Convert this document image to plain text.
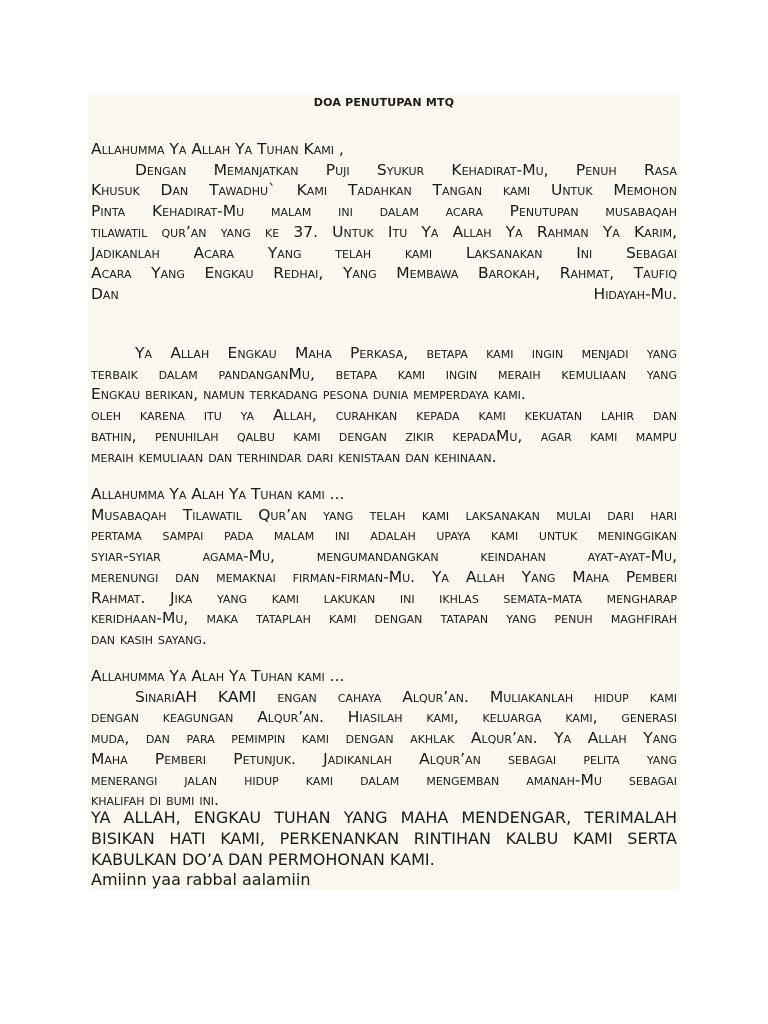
DOA PENUTUPAN MTQ

Allahumma Ya Allah Ya Tuhan Kami ,

Dengan Memanjatkan Puji Syukur Kehadirat-Mu, Penuh Rasa

Khusuk Dan Tawadhu` Kami Tadahkan Tangan kami Untuk Memohon

Pinta Kehadirat-Mu malam ini dalam acara Penutupan musabaqah

tilawatil qur’an yang ke 37. Untuk Itu Ya Allah Ya Rahman Ya Karim,

Jadikanlah Acara Yang telah kami Laksanakan Ini Sebagai

Acara Yang Engkau Redhai, Yang Membawa Barokah, Rahmat, Taufiq

Dan Hidayah-Mu.

Ya Allah Engkau Maha Perkasa, betapa kami ingin menjadi yang

terbaik dalam pandanganMu, betapa kami ingin meraih kemuliaan yang

Engkau berikan, namun terkadang pesona dunia memperdaya kami.

oleh karena itu ya Allah, curahkan kepada kami kekuatan lahir dan

bathin, penuhilah qalbu kami dengan zikir kepadaMu, agar kami mampu

meraih kemuliaan dan terhindar dari kenistaan dan kehinaan.

Allahumma Ya Alah Ya Tuhan kami ...

Musabaqah Tilawatil Qur’an yang telah kami laksanakan mulai dari hari

pertama sampai pada malam ini adalah upaya kami untuk meninggikan

syiar-syiar agama-Mu, mengumandangkan keindahan ayat-ayat-Mu,

merenungi dan memaknai firman-firman-Mu. Ya Allah Yang Maha Pemberi

Rahmat. Jika yang kami lakukan ini ikhlas semata-mata mengharap

keridhaan-Mu, maka tataplah kami dengan tatapan yang penuh maghfirah

dan kasih sayang.

Allahumma Ya Alah Ya Tuhan kami ...

SinariAH KAMI engan cahaya Alqur’an. Muliakanlah hidup kami

dengan keagungan Alqur’an. Hiasilah kami, keluarga kami, generasi

muda, dan para pemimpin kami dengan akhlak Alqur’an. Ya Allah Yang

Maha Pemberi Petunjuk. Jadikanlah Alqur’an sebagai pelita yang

menerangi jalan hidup kami dalam mengemban amanah-Mu sebagai

khalifah di bumi ini.

YA ALLAH, ENGKAU TUHAN YANG MAHA MENDENGAR, TERIMALAH

BISIKAN HATI KAMI, PERKENANKAN RINTIHAN KALBU KAMI SERTA

KABULKAN DO’A DAN PERMOHONAN KAMI.

Amiinn yaa rabbal aalamiin
